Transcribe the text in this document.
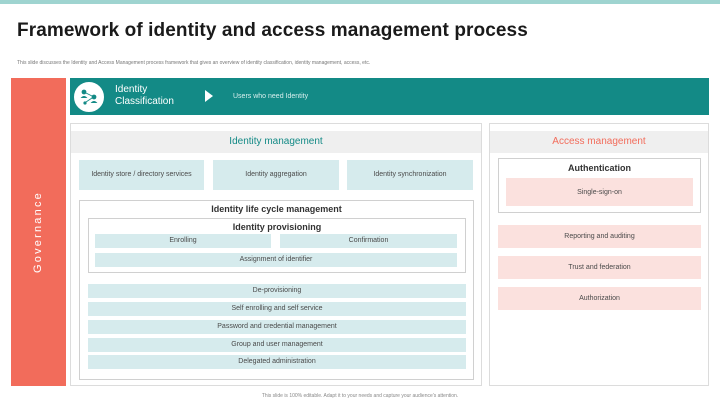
Framework of identity and access management process
This slide discusses the Identity and Access Management process framework that gives an overview of identity classification, identity management, access, etc.
Governance
Identity Classification	Users who need Identity
Identity management
Identity store / directory services	Identity aggregation	Identity synchronization
Identity life cycle management
Identity provisioning
Enrolling	Confirmation
Assignment of identifier
De-provisioning
Self enrolling and self service
Password and credential management
Group and user management
Delegated administration
Access management
Authentication
Single-sign-on
Reporting and auditing
Trust and federation
Authorization
This slide is 100% editable. Adapt it to your needs and capture your audience's attention.
